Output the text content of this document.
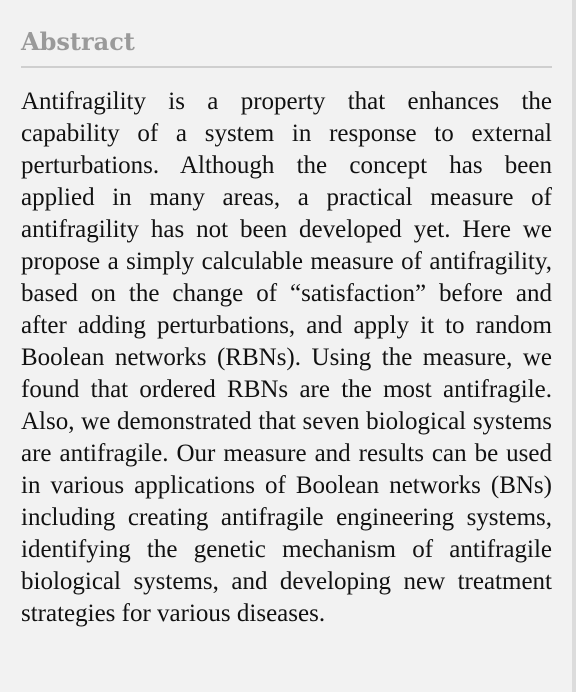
Abstract

Antifragility is a property that enhances the capability of a system in response to external perturbations. Although the concept has been applied in many areas, a practical measure of antifragility has not been developed yet. Here we propose a simply calculable measure of antifragility, based on the change of “satisfaction” before and after adding perturbations, and apply it to random Boolean networks (RBNs). Using the measure, we found that ordered RBNs are the most antifragile. Also, we demonstrated that seven biological systems are antifragile. Our measure and results can be used in various applications of Boolean networks (BNs) including creating antifragile engineering systems, identifying the genetic mechanism of antifragile biological systems, and developing new treatment strategies for various diseases.
